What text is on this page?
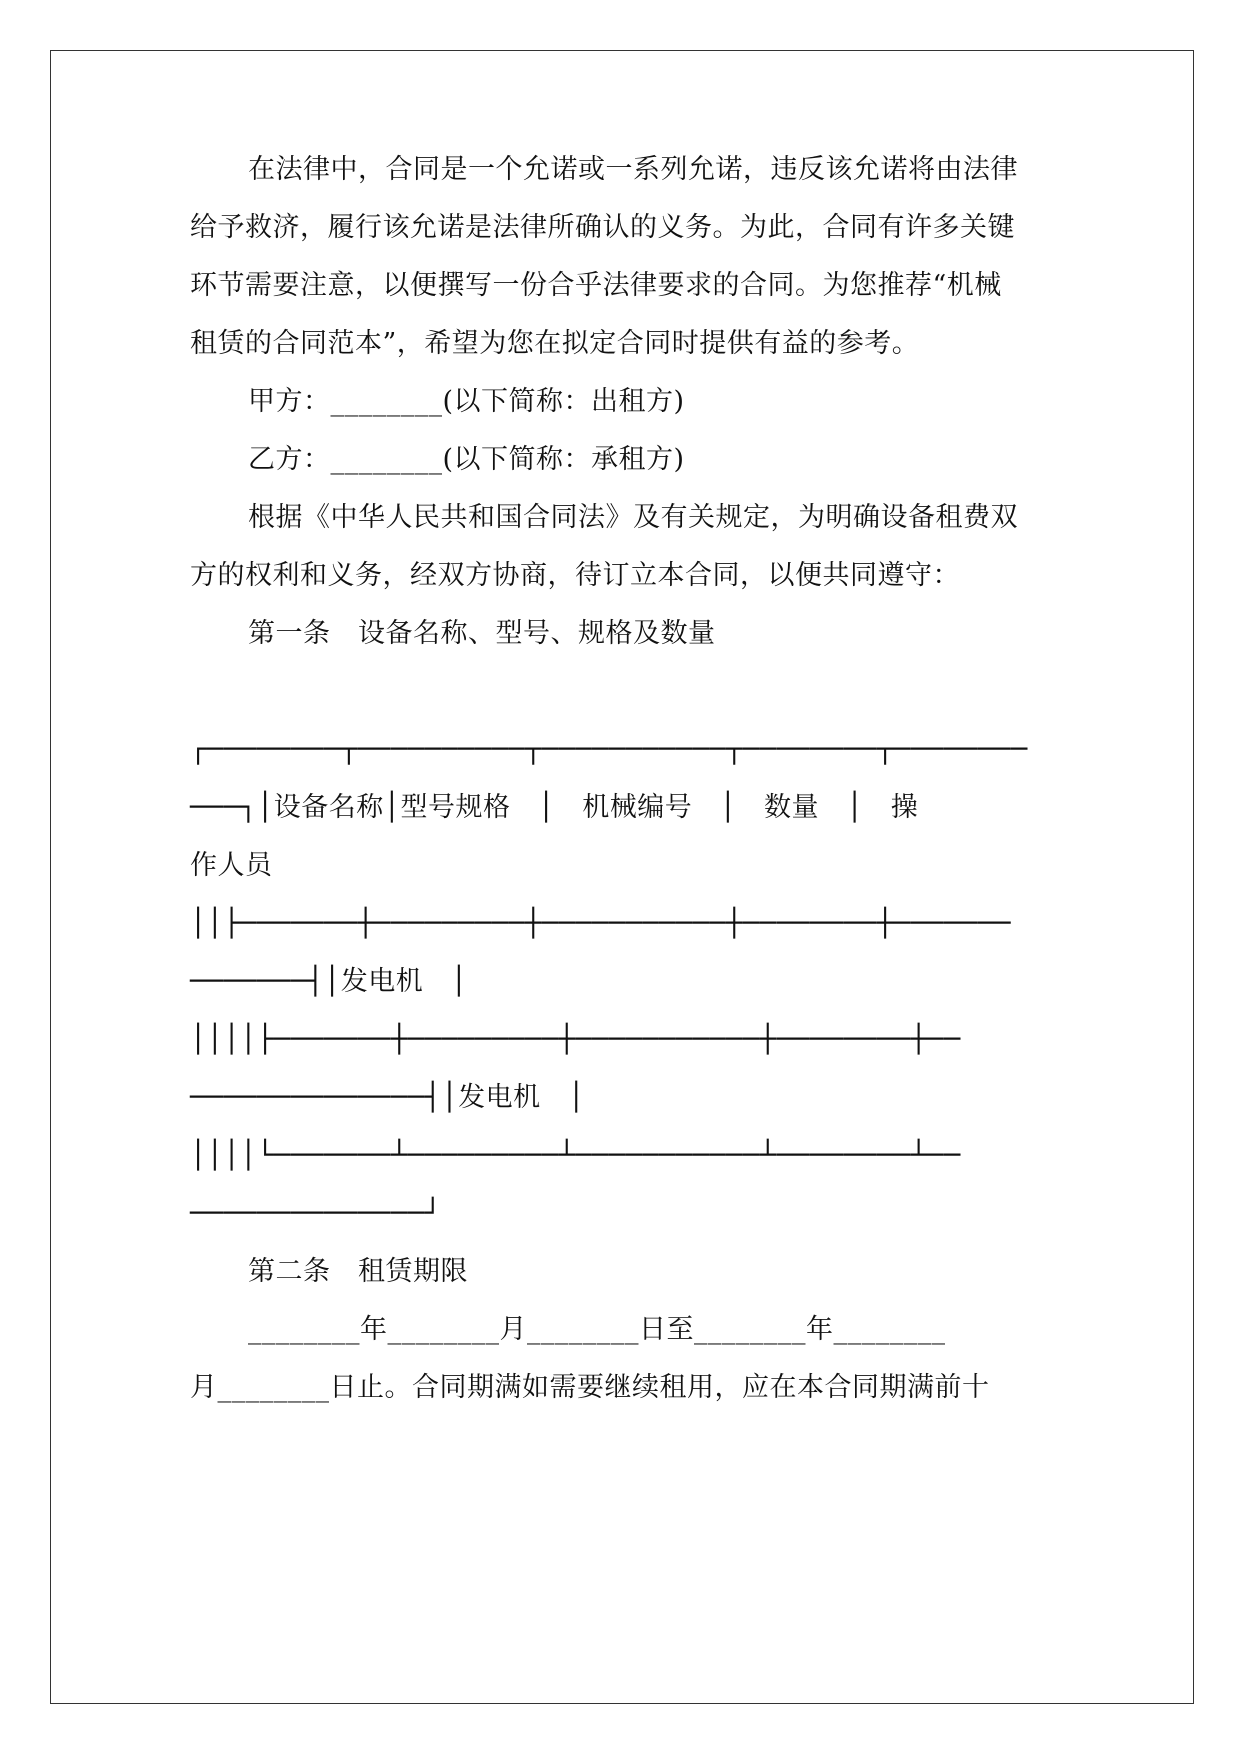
在法律中，合同是一个允诺或一系列允诺，违反该允诺将由法律
给予救济，履行该允诺是法律所确认的义务。为此，合同有许多关键
环节需要注意，以便撰写一份合乎法律要求的合同。为您推荐“机械
租赁的合同范本”，希望为您在拟定合同时提供有益的参考。
甲方：________(以下简称：出租方)
乙方：________(以下简称：承租方)
根据《中华人民共和国合同法》及有关规定，为明确设备租费双
方的权利和义务，经双方协商，待订立本合同，以便共同遵守：
第一条　设备名称、型号、规格及数量
┌────────┬──────────┬───────────┬────────┬────────
───┐│设备名称│型号规格　│　机械编号　│　数量　│　操
作人员
││├───────┼─────────┼───────────┼────────┼───────
───────┤│发电机　│
││││├───────┼─────────┼───────────┼────────┼──
──────────────┤│发电机　│
││││└───────┴─────────┴───────────┴────────┴──
──────────────┘
第二条　租赁期限
________年________月________日至________年________
月________日止。合同期满如需要继续租用，应在本合同期满前十
